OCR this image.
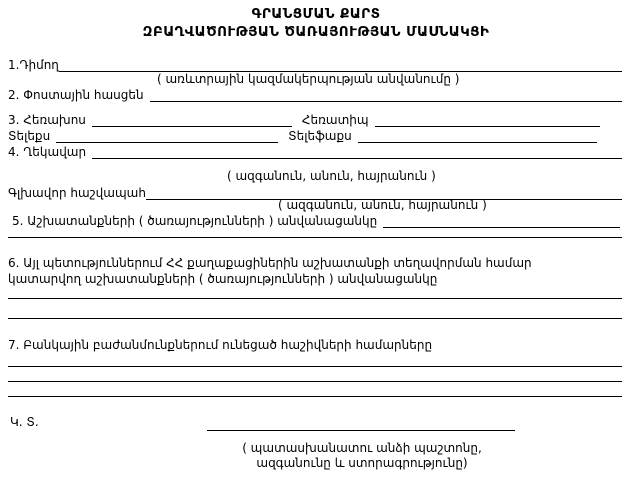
ԳՐԱՆՑՄԱՆ ՔԱՐՏ
ԶԲԱՂՎԱԾՈՒԹՅԱՆ ԾԱՌԱՅՈՒԹՅԱՆ ՄԱՍՆԱԿՑԻ
1.Դիմող
( առևտրային կազմակերպության անվանումը )
2. Փոստային հասցեն
3. Հեռախոս	Հեռատիպ
Տելեքս	Տելեֆաքս
4. Ղեկավար
( ազգանուն, անուն, հայրանուն )
Գլխավոր հաշվապահ
( ազգանուն, անուն, հայրանուն )
5. Աշխատանքների ( ծառայությունների ) անվանացանկը
6. Այլ պետություններում ՀՀ քաղաքացիներին աշխատանքի տեղավորման համար
կատարվող աշխատանքների ( ծառայությունների ) անվանացանկը
7. Բանկային բաժանմունքներում ունեցած հաշիվների համարները
Կ. Տ.
( պատասխանատու անձի պաշտոնը,
ազգանունը և ստորագրությունը)
